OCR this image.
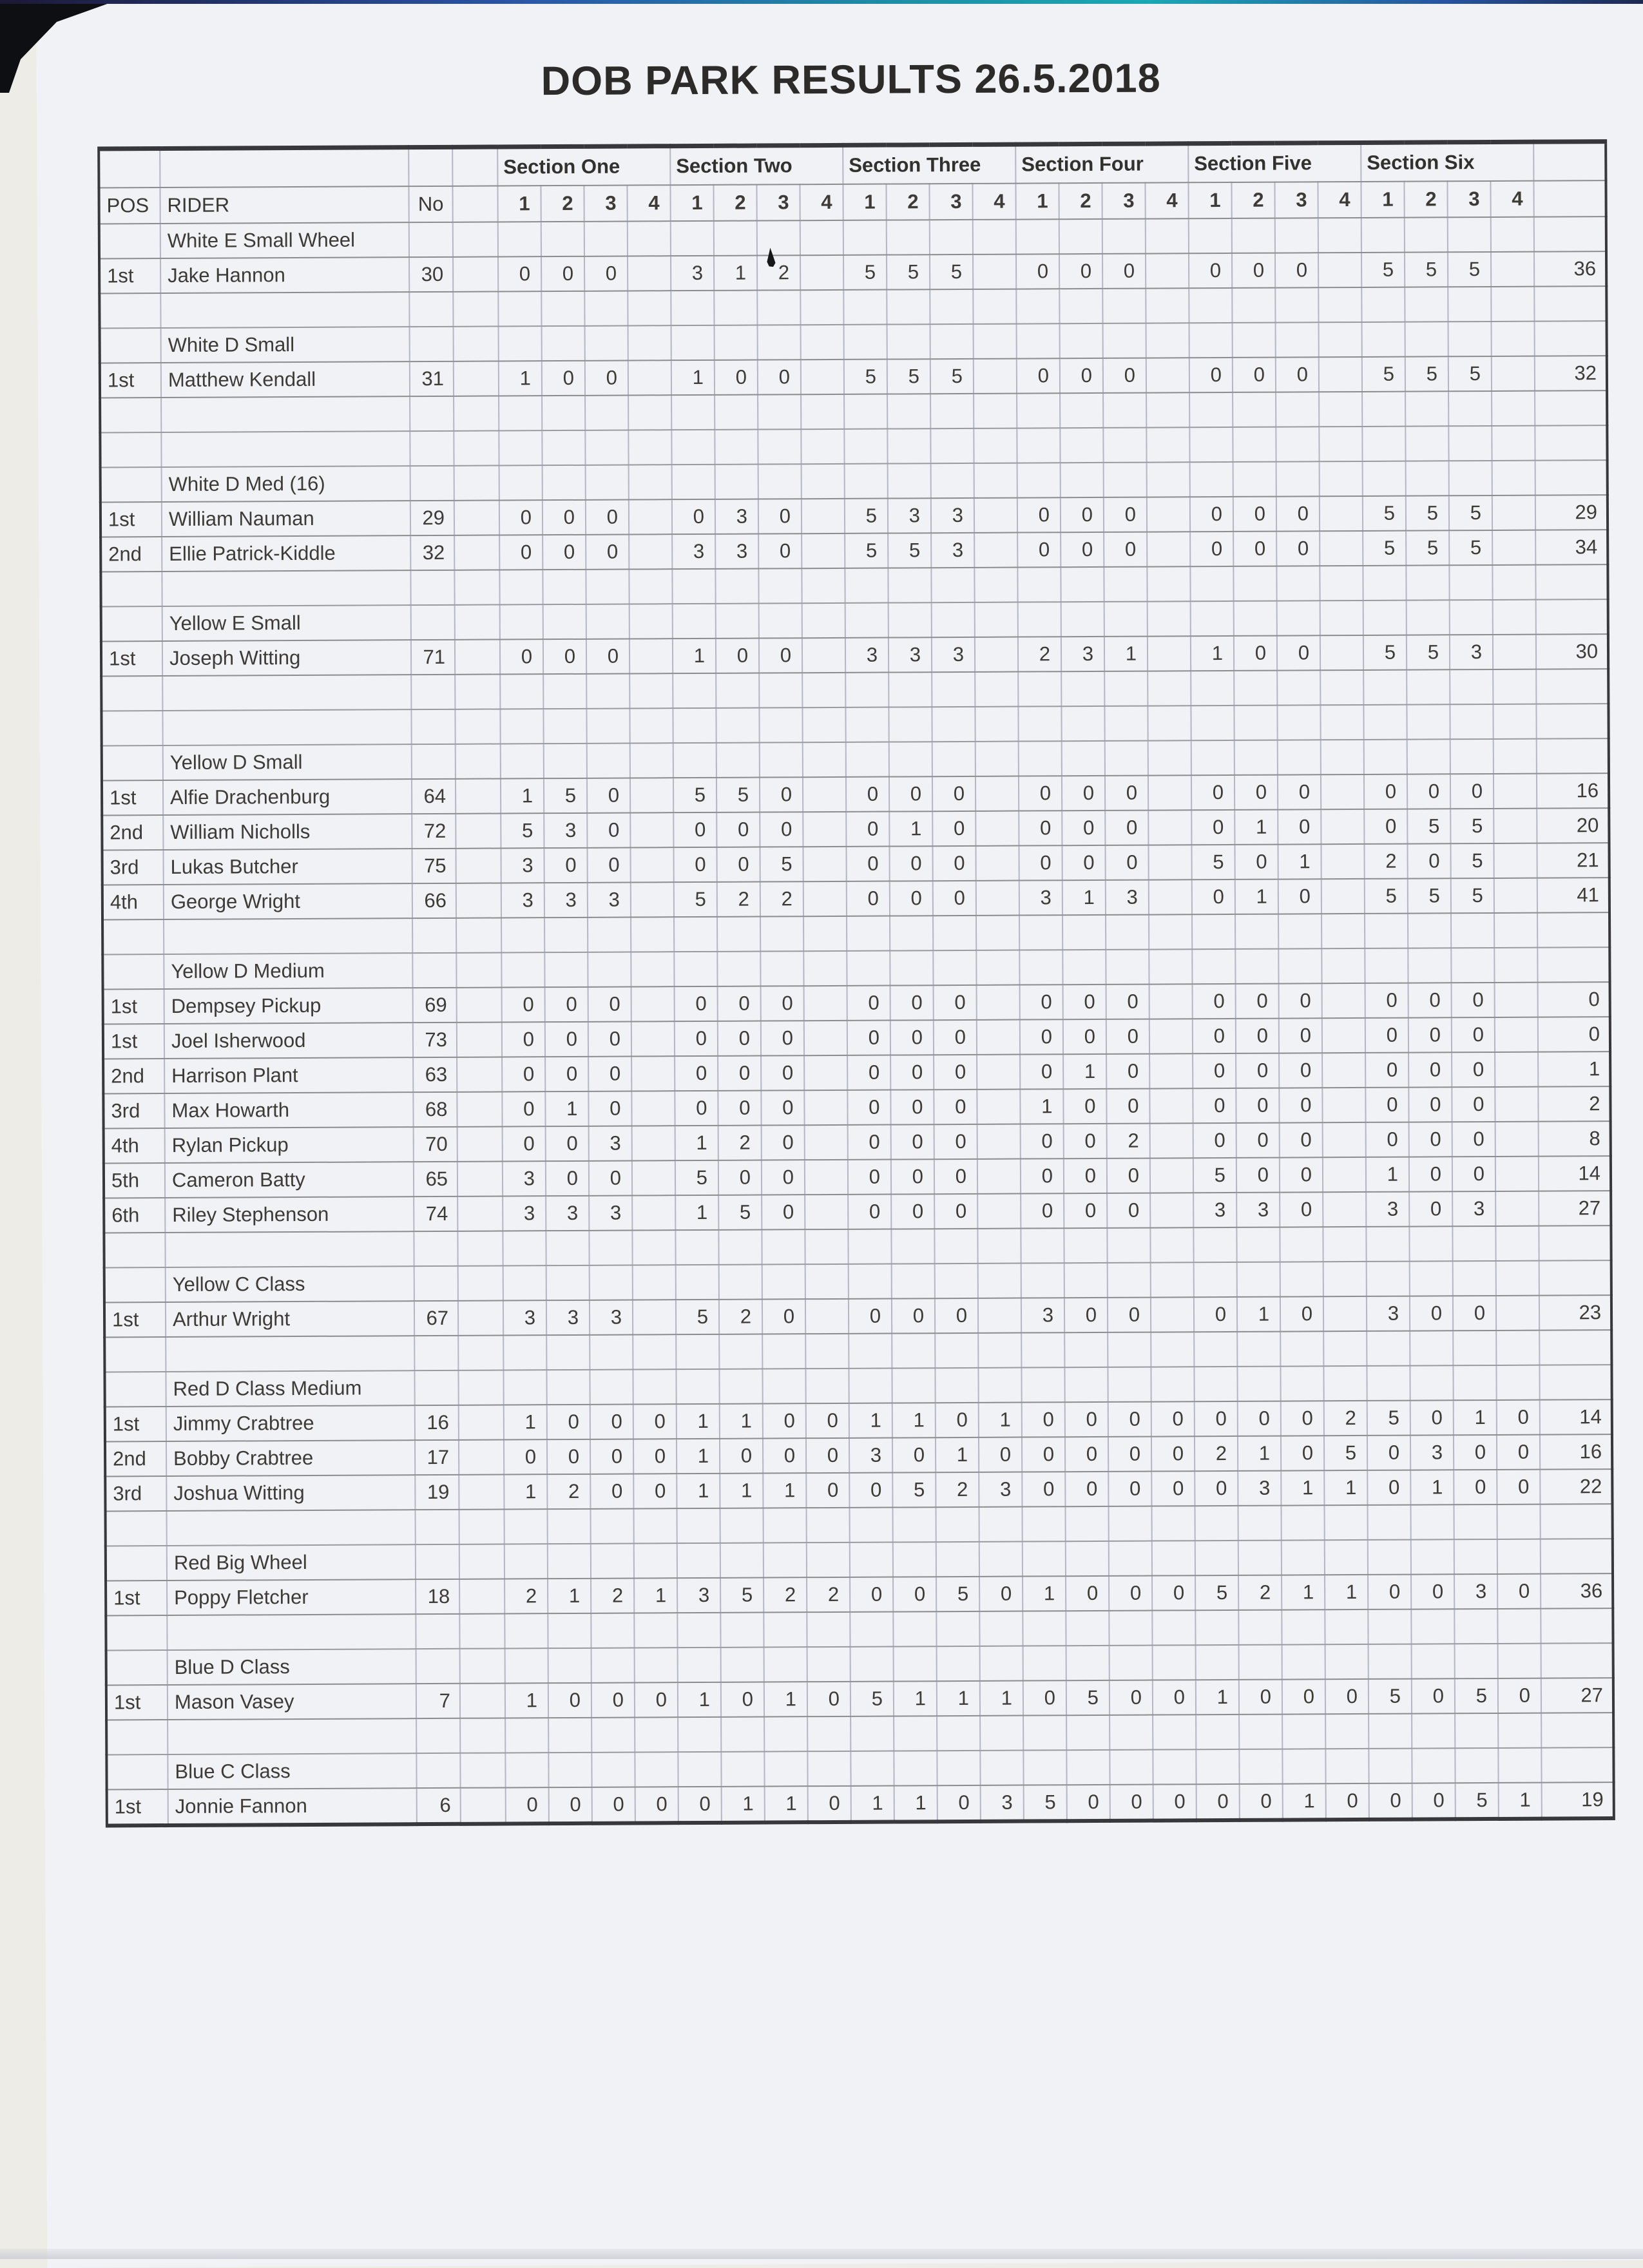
DOB PARK RESULTS 26.5.2018
				Section One				Section Two				Section Three				Section Four				Section Five				Section Six				
POS	RIDER	No		1	2	3	4	1	2	3	4	1	2	3	4	1	2	3	4	1	2	3	4	1	2	3	4	
	White E Small Wheel																											
1st	Jake Hannon	30		0	0	0		3	1	2		5	5	5		0	0	0		0	0	0		5	5	5		36

	White D Small																											
1st	Matthew Kendall	31		1	0	0		1	0	0		5	5	5		0	0	0		0	0	0		5	5	5		32

	White D Med (16)																											
1st	William Nauman	29		0	0	0		0	3	0		5	3	3		0	0	0		0	0	0		5	5	5		29
2nd	Ellie Patrick-Kiddle	32		0	0	0		3	3	0		5	5	3		0	0	0		0	0	0		5	5	5		34

	Yellow E Small																											
1st	Joseph Witting	71		0	0	0		1	0	0		3	3	3		2	3	1		1	0	0		5	5	3		30

	Yellow D Small																											
1st	Alfie Drachenburg	64		1	5	0		5	5	0		0	0	0		0	0	0		0	0	0		0	0	0		16
2nd	William Nicholls	72		5	3	0		0	0	0		0	1	0		0	0	0		0	1	0		0	5	5		20
3rd	Lukas Butcher	75		3	0	0		0	0	5		0	0	0		0	0	0		5	0	1		2	0	5		21
4th	George Wright	66		3	3	3		5	2	2		0	0	0		3	1	3		0	1	0		5	5	5		41

	Yellow D Medium																											
1st	Dempsey Pickup	69		0	0	0		0	0	0		0	0	0		0	0	0		0	0	0		0	0	0		0
1st	Joel Isherwood	73		0	0	0		0	0	0		0	0	0		0	0	0		0	0	0		0	0	0		0
2nd	Harrison Plant	63		0	0	0		0	0	0		0	0	0		0	1	0		0	0	0		0	0	0		1
3rd	Max Howarth	68		0	1	0		0	0	0		0	0	0		1	0	0		0	0	0		0	0	0		2
4th	Rylan Pickup	70		0	0	3		1	2	0		0	0	0		0	0	2		0	0	0		0	0	0		8
5th	Cameron Batty	65		3	0	0		5	0	0		0	0	0		0	0	0		5	0	0		1	0	0		14
6th	Riley Stephenson	74		3	3	3		1	5	0		0	0	0		0	0	0		3	3	0		3	0	3		27

	Yellow C Class																											
1st	Arthur Wright	67		3	3	3		5	2	0		0	0	0		3	0	0		0	1	0		3	0	0		23

	Red D Class Medium																											
1st	Jimmy Crabtree	16		1	0	0	0	1	1	0	0	1	1	0	1	0	0	0	0	0	0	0	2	5	0	1	0	14
2nd	Bobby Crabtree	17		0	0	0	0	1	0	0	0	3	0	1	0	0	0	0	0	2	1	0	5	0	3	0	0	16
3rd	Joshua Witting	19		1	2	0	0	1	1	1	0	0	5	2	3	0	0	0	0	0	3	1	1	0	1	0	0	22

	Red Big Wheel																											
1st	Poppy Fletcher	18		2	1	2	1	3	5	2	2	0	0	5	0	1	0	0	0	5	2	1	1	0	0	3	0	36

	Blue D Class																											
1st	Mason Vasey	7		1	0	0	0	1	0	1	0	5	1	1	1	0	5	0	0	1	0	0	0	5	0	5	0	27

	Blue C Class																											
1st	Jonnie Fannon	6		0	0	0	0	0	1	1	0	1	1	0	3	5	0	0	0	0	0	1	0	0	0	5	1	19
